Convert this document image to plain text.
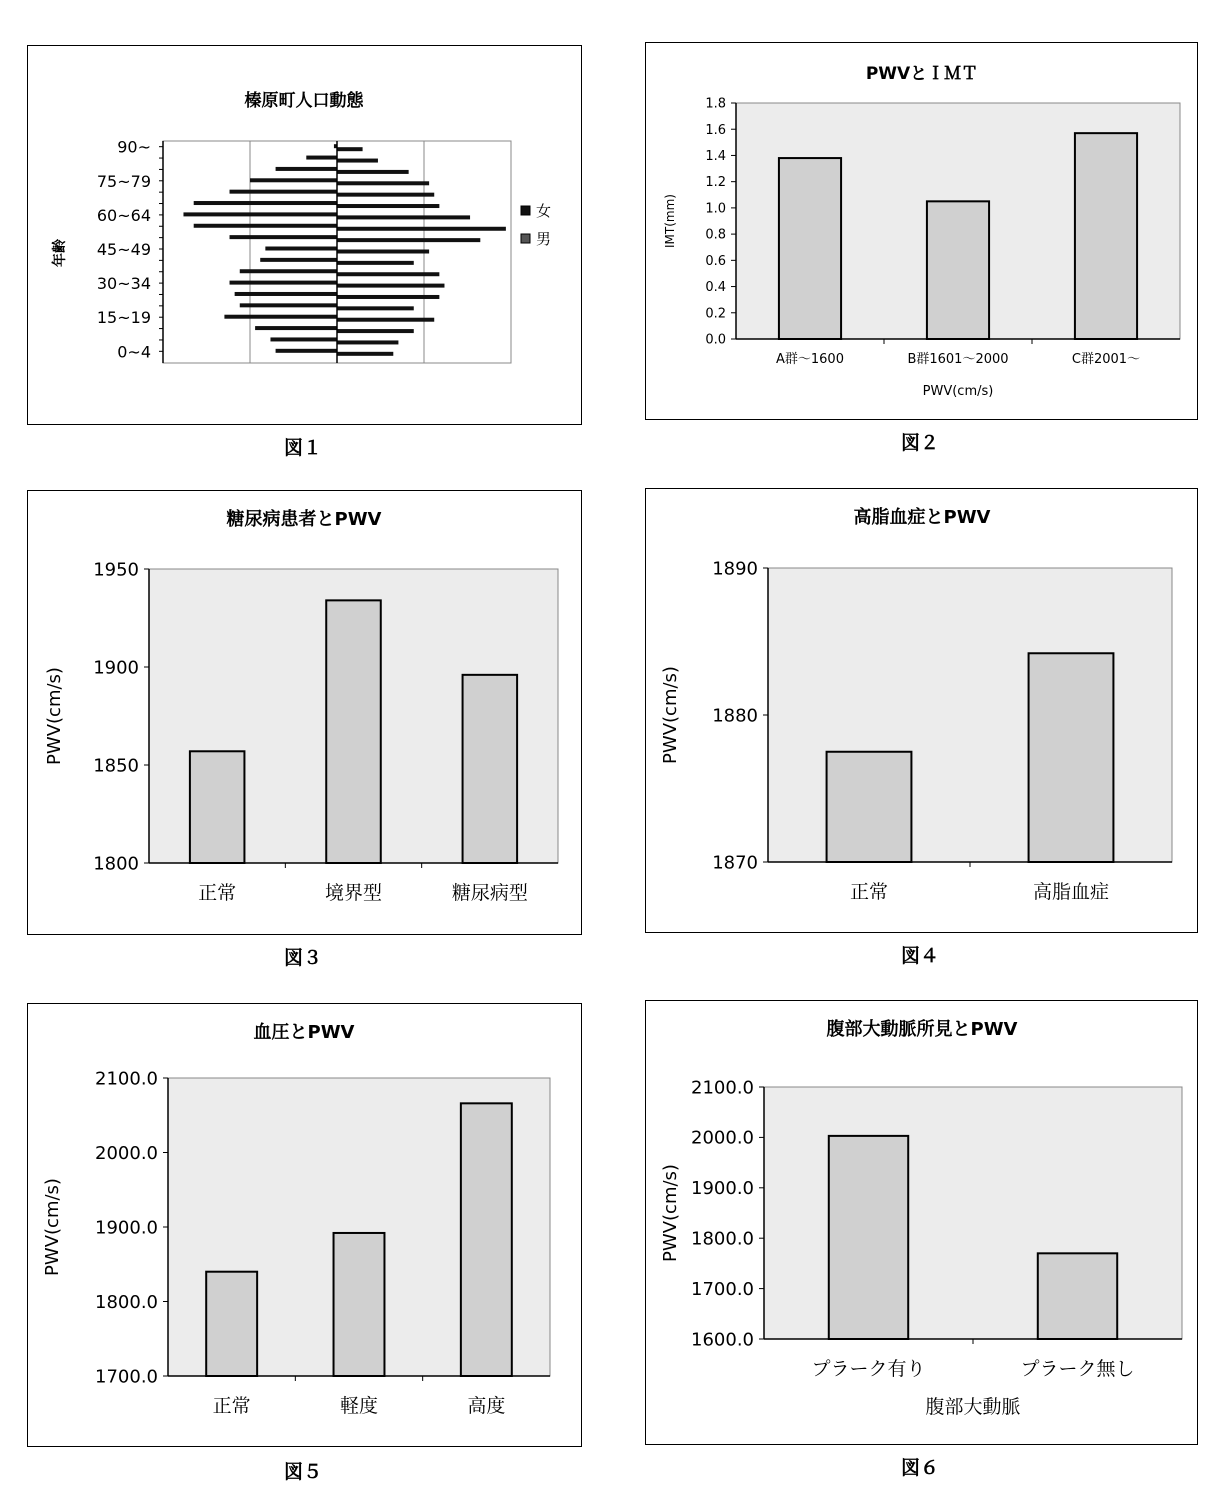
榛原町人口動態
0~4
15~19
30~34
45~49
60~64
75~79
90~
年齢
女
男
図１
PWVとＩＭＴ
0.0
0.2
0.4
0.6
0.8
1.0
1.2
1.4
1.6
1.8
A群～1600	B群1601～2000	C群2001～
IMT(mm)
PWV(cm/s)
図２
糖尿病患者とPWV
1800
1850
1900
1950
正常	境界型	糖尿病型
PWV(cm/s)
図３
高脂血症とPWV
1870
1880
1890
正常	高脂血症
PWV(cm/s)
図４
血圧とPWV
1700.0
1800.0
1900.0
2000.0
2100.0
正常	軽度	高度
PWV(cm/s)
図５
腹部大動脈所見とPWV
1600.0
1700.0
1800.0
1900.0
2000.0
2100.0
プラーク有り	プラーク無し
PWV(cm/s)
腹部大動脈
図６
